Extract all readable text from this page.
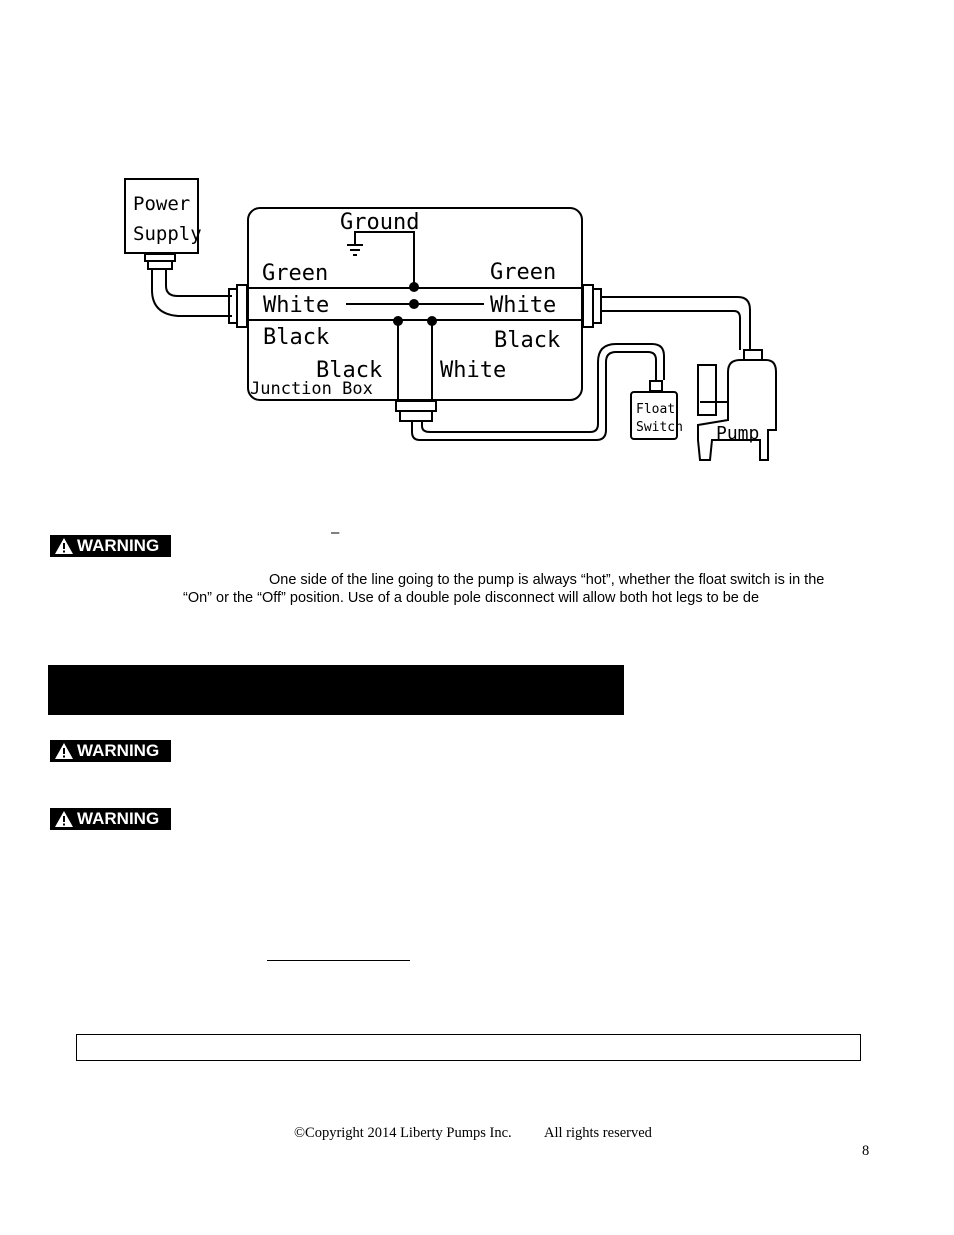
Power
Supply	Ground
Green	Green
White	White
Black	Black
Black	White
Junction Box
Float
Switch Pump
–
WARNING
One side of the line going to the pump is always “hot”, whether the float switch is in the
“On” or the “Off” position. Use of a double pole disconnect will allow both hot legs to be de
WARNING
WARNING
©Copyright 2014 Liberty Pumps Inc. All rights reserved
8
